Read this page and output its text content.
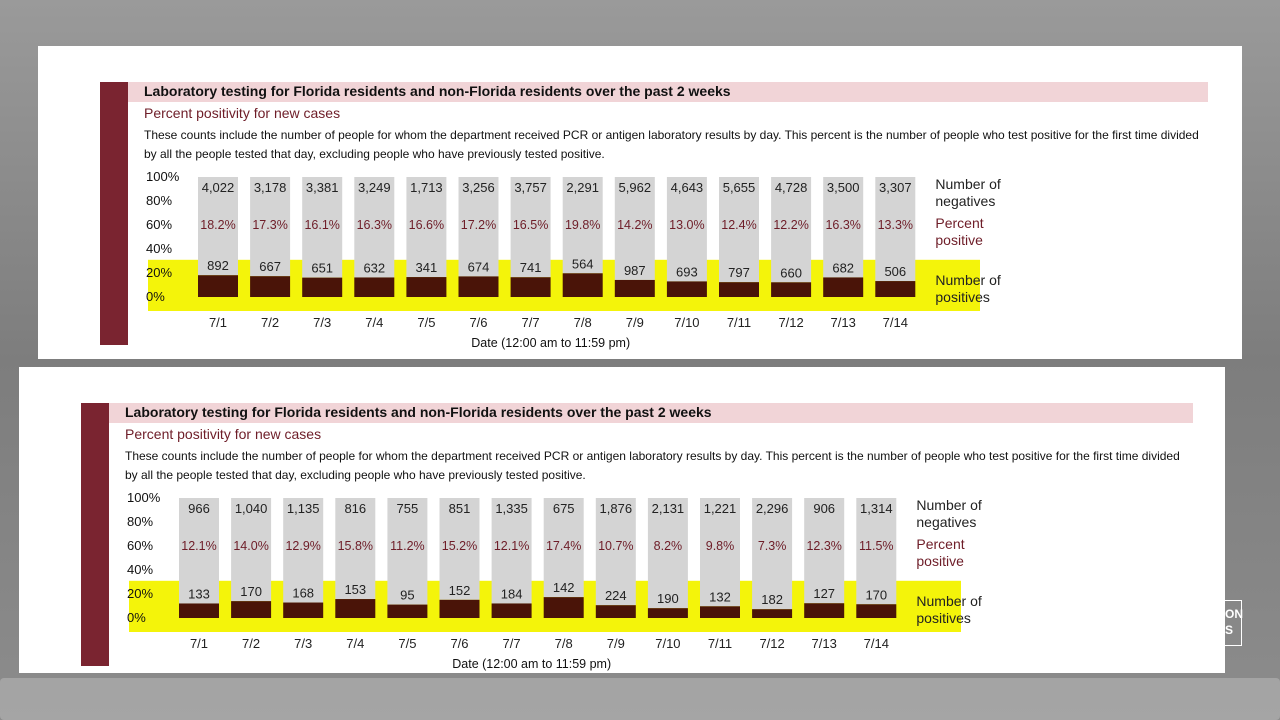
Laboratory testing for Florida residents and non-Florida residents over the past 2 weeks
Percent positivity for new cases
These counts include the number of people for whom the department received PCR or antigen laboratory results by day. This percent is the number of people who test positive for the first time divided by all the people tested that day, excluding people who have previously tested positive.
100%
80%
60%
40%
20%
0%
4,022
18.2%
892
7/1
3,178
17.3%
667
7/2
3,381
16.1%
651
7/3
3,249
16.3%
632
7/4
1,713
16.6%
341
7/5
3,256
17.2%
674
7/6
3,757
16.5%
741
7/7
2,291
19.8%
564
7/8
5,962
14.2%
987
7/9
4,643
13.0%
693
7/10
5,655
12.4%
797
7/11
4,728
12.2%
660
7/12
3,500
16.3%
682
7/13
3,307
13.3%
506
7/14
Date (12:00 am to 11:59 pm)
Number of
negatives
Percent
positive
Number of
positives
Laboratory testing for Florida residents and non-Florida residents over the past 2 weeks
Percent positivity for new cases
These counts include the number of people for whom the department received PCR or antigen laboratory results by day. This percent is the number of people who test positive for the first time divided by all the people tested that day, excluding people who have previously tested positive.
100%
80%
60%
40%
20%
0%
966
12.1%
133
7/1
1,040
14.0%
170
7/2
1,135
12.9%
168
7/3
816
15.8%
153
7/4
755
11.2%
95
7/5
851
15.2%
152
7/6
1,335
12.1%
184
7/7
675
17.4%
142
7/8
1,876
10.7%
224
7/9
2,131
8.2%
190
7/10
1,221
9.8%
132
7/11
2,296
7.3%
182
7/12
906
12.3%
127
7/13
1,314
11.5%
170
7/14
Date (12:00 am to 11:59 pm)
Number of
negatives
Percent
positive
Number of
positives	6:04
93°
abc
ACTION
NEWS
